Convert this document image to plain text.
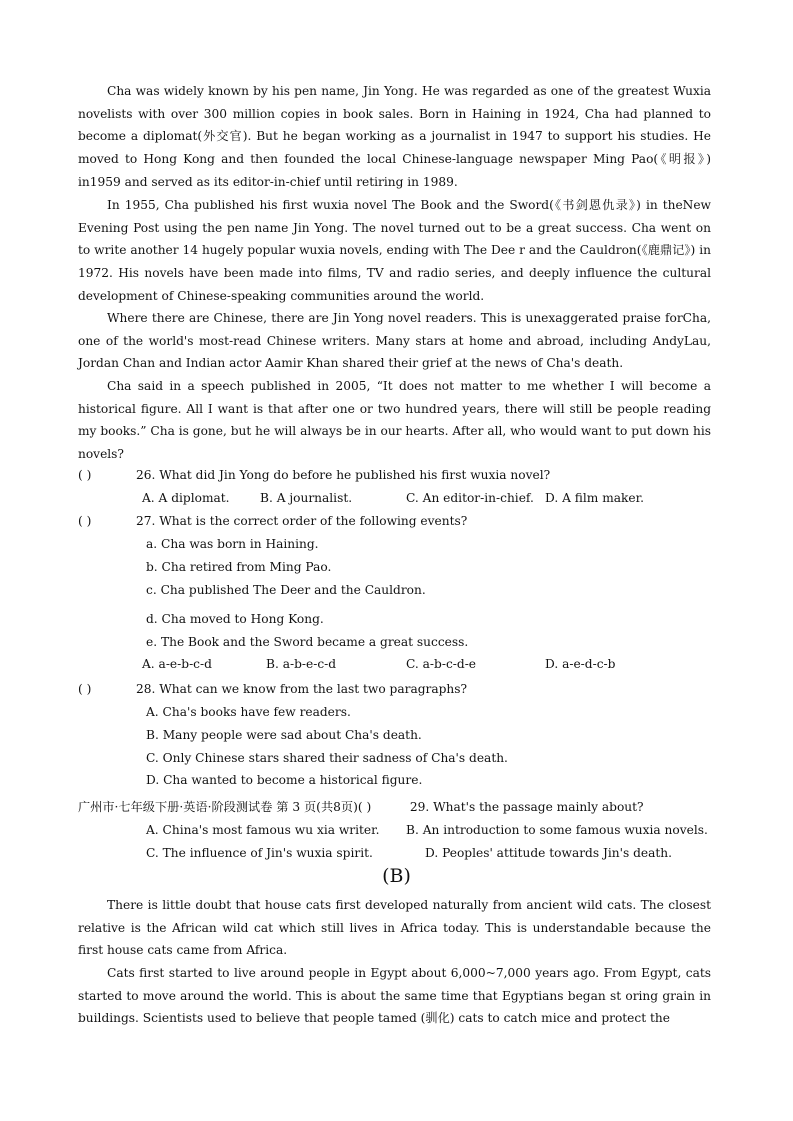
Cha was widely known by his pen name, Jin Yong. He was regarded as one of the greatest Wuxia novelists with over 300 million copies in book sales. Born in Haining in 1924, Cha had planned to become a diplomat(外交官). But he began working as a journalist in 1947 to support his studies. He moved to Hong Kong and then founded the local Chinese-language newspaper Ming Pao(《明报》) in1959 and served as its editor-in-chief until retiring in 1989.

In 1955, Cha published his first wuxia novel The Book and the Sword(《书剑恩仇录》) in theNew Evening Post using the pen name Jin Yong. The novel turned out to be a great success. Cha went on to write another 14 hugely popular wuxia novels, ending with The Dee r and the Cauldron(《鹿鼎记》) in 1972. His novels have been made into films, TV and radio series, and deeply influence the cultural development of Chinese-speaking communities around the world.

Where there are Chinese, there are Jin Yong novel readers. This is unexaggerated praise forCha, one of the world's most-read Chinese writers. Many stars at home and abroad, including AndyLau, Jordan Chan and Indian actor Aamir Khan shared their grief at the news of Cha's death.

Cha said in a speech published in 2005, “It does not matter to me whether I will become a historical figure. All I want is that after one or two hundred years, there will still be people reading my books.” Cha is gone, but he will always be in our hearts. After all, who would want to put down his novels?

( )	26. What did Jin Yong do before he published his first wuxia novel?
A. A diplomat. B. A journalist.	C. An editor-in-chief. D. A film maker.
( )	27. What is the correct order of the following events?
a. Cha was born in Haining.
b. Cha retired from Ming Pao.
c. Cha published The Deer and the Cauldron.
d. Cha moved to Hong Kong.
e. The Book and the Sword became a great success.
A. a-e-b-c-d	B. a-b-e-c-d	C. a-b-c-d-e	D. a-e-d-c-b
( )	28. What can we know from the last two paragraphs?
A. Cha's books have few readers.
B. Many people were sad about Cha's death.
C. Only Chinese stars shared their sadness of Cha's death.
D. Cha wanted to become a historical figure.
广州市·七年级下册·英语·阶段测试卷 第 3 页(共8页)( )	29. What's the passage mainly about?
A. China's most famous wu xia writer. B. An introduction to some famous wuxia novels.
C. The influence of Jin's wuxia spirit.	D. Peoples' attitude towards Jin's death.
(B)

There is little doubt that house cats first developed naturally from ancient wild cats. The closest relative is the African wild cat which still lives in Africa today. This is understandable because the first house cats came from Africa.

Cats first started to live around people in Egypt about 6,000~7,000 years ago. From Egypt, cats started to move around the world. This is about the same time that Egyptians began st oring grain in buildings. Scientists used to believe that people tamed (驯化) cats to catch mice and protect the
